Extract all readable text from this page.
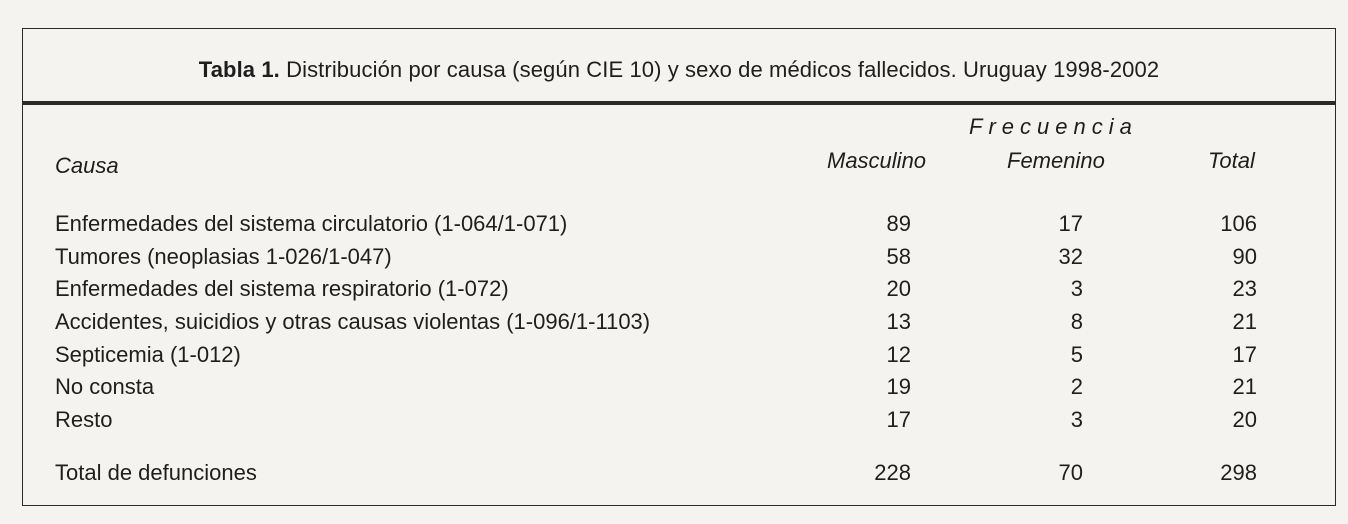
Tabla 1. Distribución por causa (según CIE 10) y sexo de médicos fallecidos. Uruguay 1998-2002
Frecuencia
Causa	Masculino	Femenino	Total
Enfermedades del sistema circulatorio (1-064/1-071)	89	17	106
Tumores (neoplasias 1-026/1-047)	58	32	90
Enfermedades del sistema respiratorio (1-072)	20	3	23
Accidentes, suicidios y otras causas violentas (1-096/1-1103)	13	8	21
Septicemia (1-012)	12	5	17
No consta	19	2	21
Resto	17	3	20
Total de defunciones	228	70	298
